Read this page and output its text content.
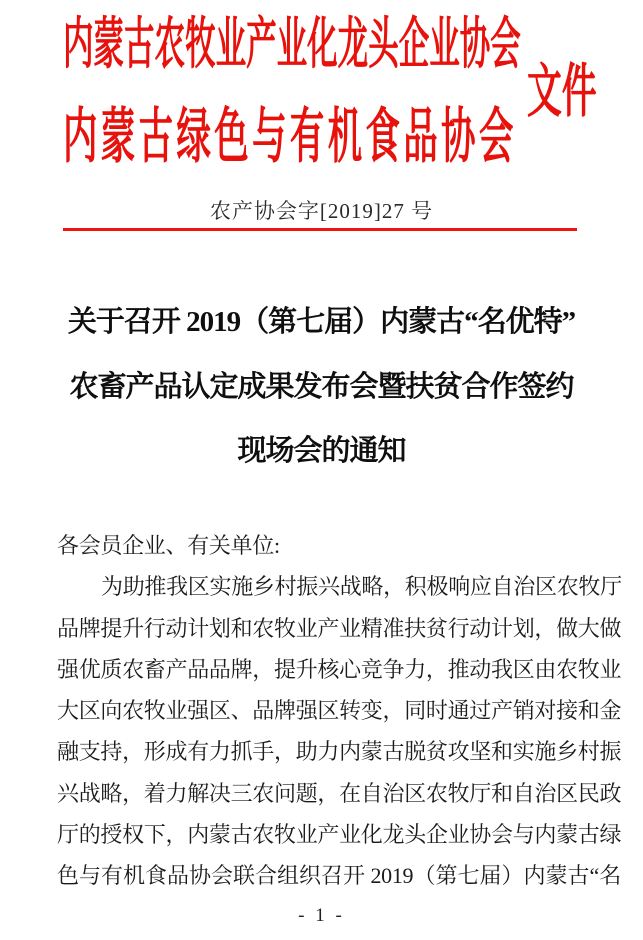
内蒙古农牧业产业化龙头企业协会
文件
内蒙古绿色与有机食品协会
农产协会字[2019]27 号
关于召开 2019（第七届）内蒙古“名优特”
农畜产品认定成果发布会暨扶贫合作签约
现场会的通知
各会员企业、有关单位:
为助推我区实施乡村振兴战略，积极响应自治区农牧厅
品牌提升行动计划和农牧业产业精准扶贫行动计划，做大做
强优质农畜产品品牌，提升核心竞争力，推动我区由农牧业
大区向农牧业强区、品牌强区转变，同时通过产销对接和金
融支持，形成有力抓手，助力内蒙古脱贫攻坚和实施乡村振
兴战略，着力解决三农问题，在自治区农牧厅和自治区民政
厅的授权下，内蒙古农牧业产业化龙头企业协会与内蒙古绿
色与有机食品协会联合组织召开 2019（第七届）内蒙古“名
- 1 -
